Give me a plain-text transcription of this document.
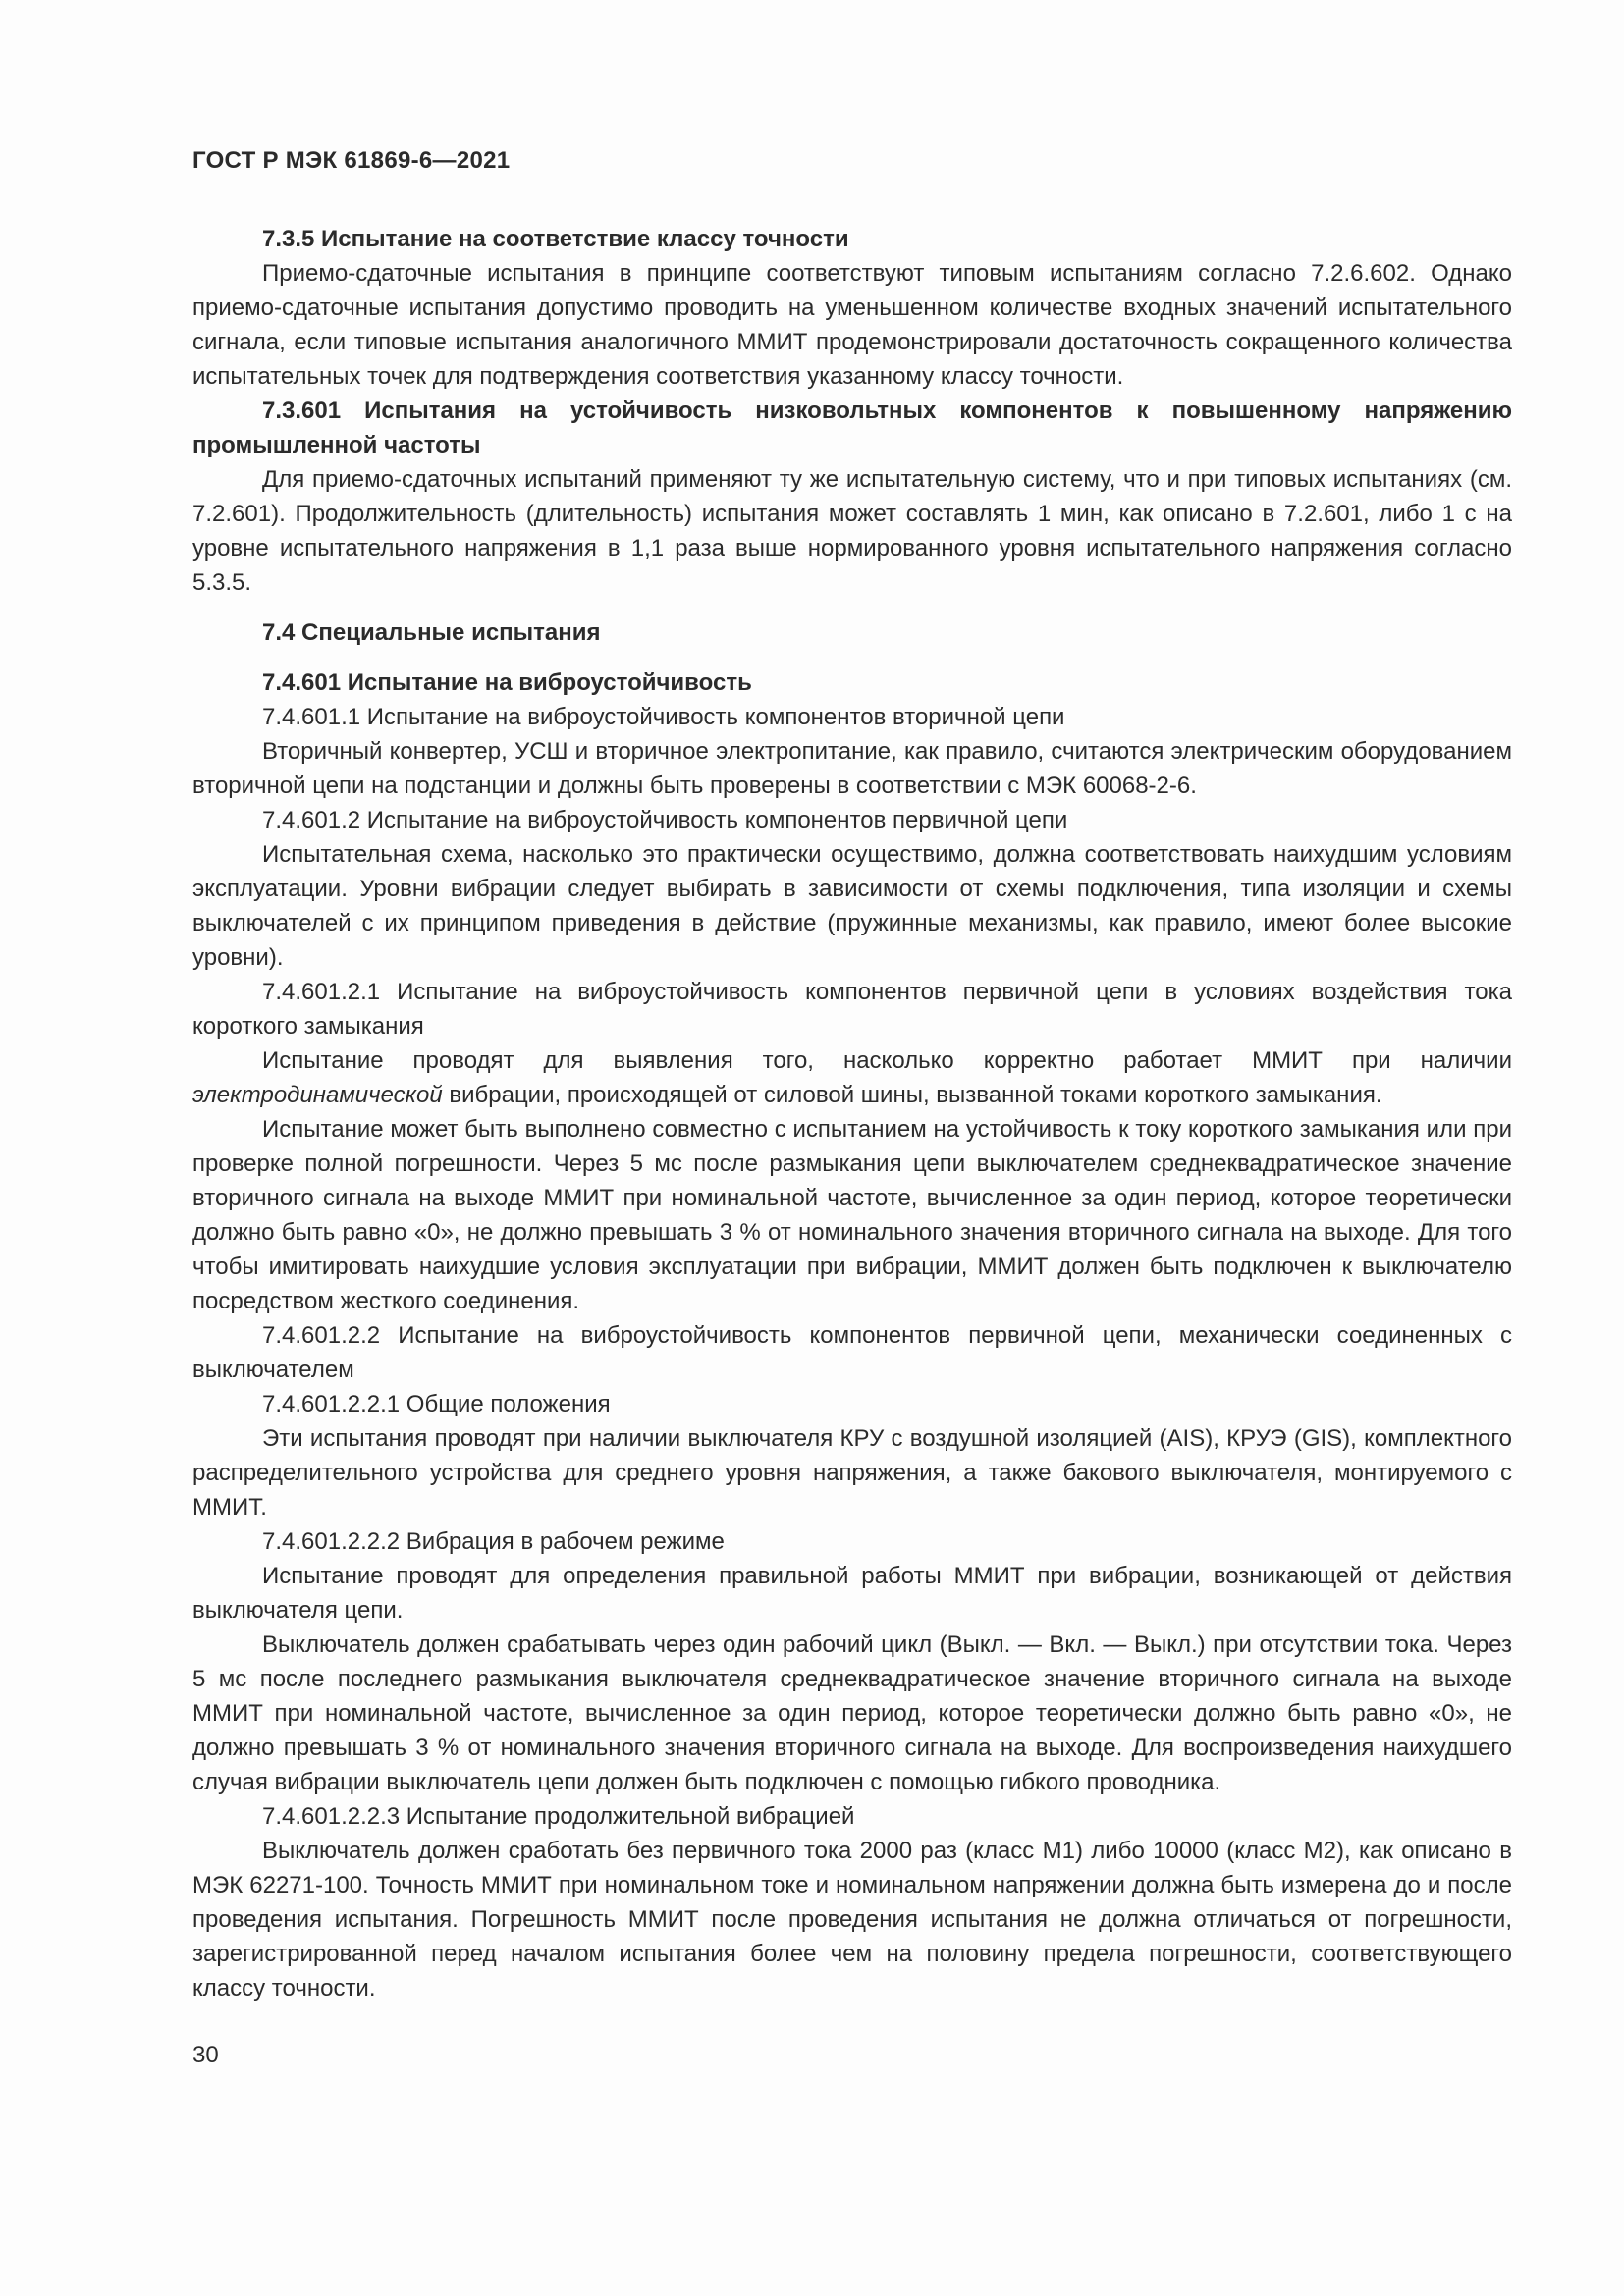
ГОСТ Р МЭК 61869-6—2021

7.3.5 Испытание на соответствие классу точности

Приемо-сдаточные испытания в принципе соответствуют типовым испытаниям согласно 7.2.6.602. Однако приемо-сдаточные испытания допустимо проводить на уменьшенном количестве входных значений испытательного сигнала, если типовые испытания аналогичного ММИТ продемонстрировали достаточность сокращенного количества испытательных точек для подтверждения соответствия указанному классу точности.

7.3.601 Испытания на устойчивость низковольтных компонентов к повышенному напряжению промышленной частоты

Для приемо-сдаточных испытаний применяют ту же испытательную систему, что и при типовых испытаниях (см. 7.2.601). Продолжительность (длительность) испытания может составлять 1 мин, как описано в 7.2.601, либо 1 с на уровне испытательного напряжения в 1,1 раза выше нормированного уровня испытательного напряжения согласно 5.3.5.

7.4 Специальные испытания

7.4.601 Испытание на виброустойчивость

7.4.601.1 Испытание на виброустойчивость компонентов вторичной цепи

Вторичный конвертер, УСШ и вторичное электропитание, как правило, считаются электрическим оборудованием вторичной цепи на подстанции и должны быть проверены в соответствии с МЭК 60068-2-6.

7.4.601.2 Испытание на виброустойчивость компонентов первичной цепи

Испытательная схема, насколько это практически осуществимо, должна соответствовать наихудшим условиям эксплуатации. Уровни вибрации следует выбирать в зависимости от схемы подключения, типа изоляции и схемы выключателей с их принципом приведения в действие (пружинные механизмы, как правило, имеют более высокие уровни).

7.4.601.2.1 Испытание на виброустойчивость компонентов первичной цепи в условиях воздействия тока короткого замыкания

Испытание проводят для выявления того, насколько корректно работает ММИТ при наличии электродинамической вибрации, происходящей от силовой шины, вызванной токами короткого замыкания.

Испытание может быть выполнено совместно с испытанием на устойчивость к току короткого замыкания или при проверке полной погрешности. Через 5 мс после размыкания цепи выключателем среднеквадратическое значение вторичного сигнала на выходе ММИТ при номинальной частоте, вычисленное за один период, которое теоретически должно быть равно «0», не должно превышать 3 % от номинального значения вторичного сигнала на выходе. Для того чтобы имитировать наихудшие условия эксплуатации при вибрации, ММИТ должен быть подключен к выключателю посредством жесткого соединения.

7.4.601.2.2 Испытание на виброустойчивость компонентов первичной цепи, механически соединенных с выключателем

7.4.601.2.2.1 Общие положения

Эти испытания проводят при наличии выключателя КРУ с воздушной изоляцией (AIS), КРУЭ (GIS), комплектного распределительного устройства для среднего уровня напряжения, а также бакового выключателя, монтируемого с ММИТ.

7.4.601.2.2.2 Вибрация в рабочем режиме

Испытание проводят для определения правильной работы ММИТ при вибрации, возникающей от действия выключателя цепи.

Выключатель должен срабатывать через один рабочий цикл (Выкл. — Вкл. — Выкл.) при отсутствии тока. Через 5 мс после последнего размыкания выключателя среднеквадратическое значение вторичного сигнала на выходе ММИТ при номинальной частоте, вычисленное за один период, которое теоретически должно быть равно «0», не должно превышать 3 % от номинального значения вторичного сигнала на выходе. Для воспроизведения наихудшего случая вибрации выключатель цепи должен быть подключен с помощью гибкого проводника.

7.4.601.2.2.3 Испытание продолжительной вибрацией

Выключатель должен сработать без первичного тока 2000 раз (класс М1) либо 10000 (класс М2), как описано в МЭК 62271-100. Точность ММИТ при номинальном токе и номинальном напряжении должна быть измерена до и после проведения испытания. Погрешность ММИТ после проведения испытания не должна отличаться от погрешности, зарегистрированной перед началом испытания более чем на половину предела погрешности, соответствующего классу точности.

30
